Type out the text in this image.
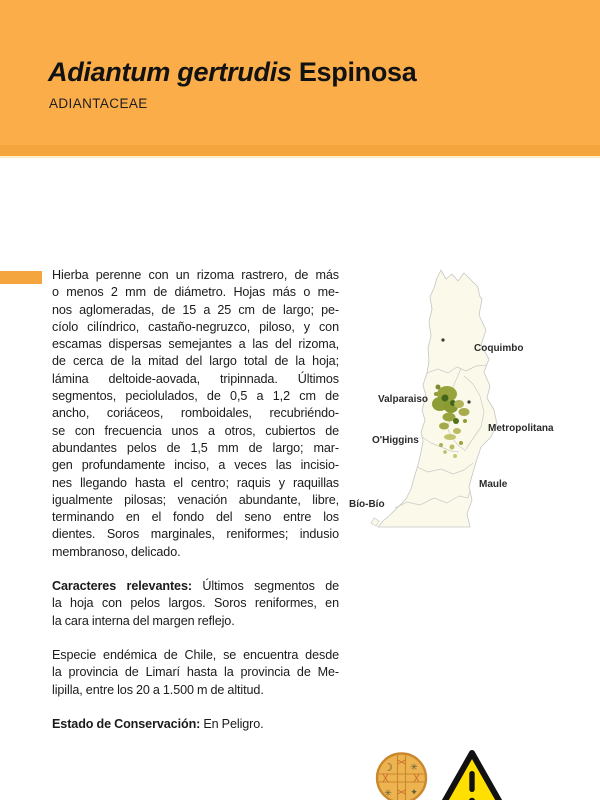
Adiantum gertrudis Espinosa
ADIANTACEAE
Hierba perenne con un rizoma rastrero, de más
o menos 2 mm de diámetro. Hojas más o me-
nos aglomeradas, de 15 a 25 cm de largo; pe-
cíolo cilíndrico, castaño-negruzco, piloso, y con
escamas dispersas semejantes a las del rizoma,
de cerca de la mitad del largo total de la hoja;
lámina deltoide-aovada, tripinnada. Últimos
segmentos, peciolulados, de 0,5 a 1,2 cm de
ancho, coriáceos, romboidales, recubriéndo-
se con frecuencia unos a otros, cubiertos de
abundantes pelos de 1,5 mm de largo; mar-
gen profundamente inciso, a veces las incisio-
nes llegando hasta el centro; raquis y raquillas
igualmente pilosas; venación abundante, libre,
terminando en el fondo del seno entre los
dientes. Soros marginales, reniformes; indusio
membranoso, delicado.
Caracteres relevantes: Últimos segmentos de
la hoja con pelos largos. Soros reniformes, en
la cara interna del margen reflejo.
Especie endémica de Chile, se encuentra desde
la provincia de Limarí hasta la provincia de Me-
lipilla, entre los 20 a 1.500 m de altitud.
Estado de Conservación: En Peligro.
Coquimbo
Valparaiso
Metropolitana
O'Higgins
Maule
Bío-Bío
☽ ✳
✳ ✦
